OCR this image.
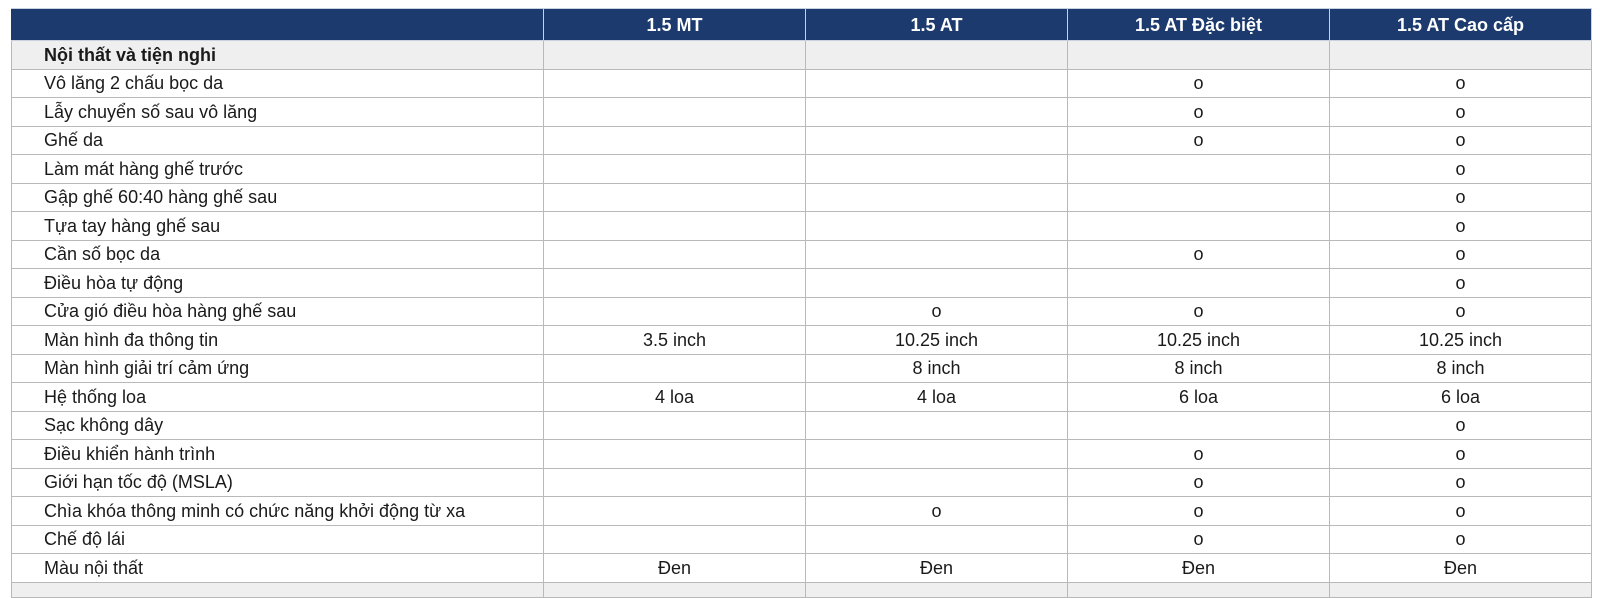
	1.5 MT	1.5 AT	1.5 AT Đặc biệt	1.5 AT Cao cấp
Nội thất và tiện nghi				
Vô lăng 2 chấu bọc da			o	o
Lẫy chuyển số sau vô lăng			o	o
Ghế da			o	o
Làm mát hàng ghế trước				o
Gập ghế 60:40 hàng ghế sau				o
Tựa tay hàng ghế sau				o
Cần số bọc da			o	o
Điều hòa tự động				o
Cửa gió điều hòa hàng ghế sau		o	o	o
Màn hình đa thông tin	3.5 inch	10.25 inch	10.25 inch	10.25 inch
Màn hình giải trí cảm ứng		8 inch	8 inch	8 inch
Hệ thống loa	4 loa	4 loa	6 loa	6 loa
Sạc không dây				o
Điều khiển hành trình			o	o
Giới hạn tốc độ (MSLA)			o	o
Chìa khóa thông minh có chức năng khởi động từ xa		o	o	o
Chế độ lái			o	o
Màu nội thất	Đen	Đen	Đen	Đen
